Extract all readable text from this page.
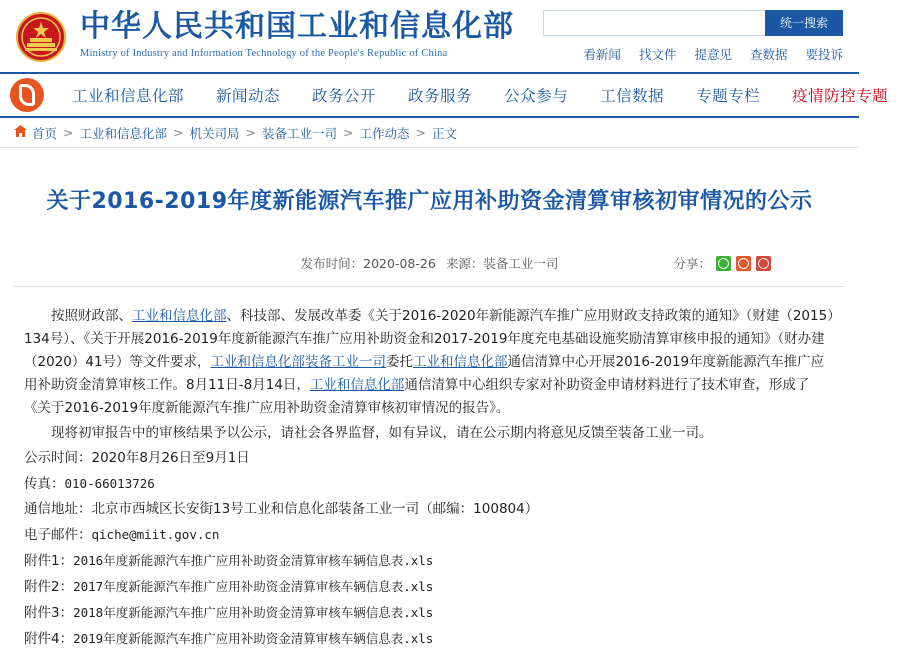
中华人民共和国工业和信息化部
Ministry of Industry and Information Technology of the People's Republic of China
统一搜索
看新闻 找文件 提意见 查数据 要投诉
工业和信息化部	新闻动态	政务公开	政务服务	公众参与	工信数据	专题专栏	疫情防控专题
首页 > 工业和信息化部 > 机关司局 > 装备工业一司 > 工作动态 > 正文
关于2016-2019年度新能源汽车推广应用补助资金清算审核初审情况的公示
发布时间： 2020-08-26 来源： 装备工业一司	分享：

按照财政部、工业和信息化部、科技部、发展改革委《关于2016-2020年新能源汽车推广应用财政支持政策的通知》（财建（2015）134号）、《关于开展2016-2019年度新能源汽车推广应用补助资金和2017-2019年度充电基础设施奖励清算审核申报的通知》（财办建（2020）41号）等文件要求，工业和信息化部装备工业一司委托工业和信息化部通信清算中心开展2016-2019年度新能源汽车推广应用补助资金清算审核工作。8月11日-8月14日，工业和信息化部通信清算中心组织专家对补助资金申请材料进行了技术审查，形成了《关于2016-2019年度新能源汽车推广应用补助资金清算审核初审情况的报告》。

现将初审报告中的审核结果予以公示，请社会各界监督，如有异议，请在公示期内将意见反馈至装备工业一司。

公示时间：2020年8月26日至9月1日

传真：010-66013726

通信地址：北京市西城区长安街13号工业和信息化部装备工业一司（邮编：100804）

电子邮件：qiche@miit.gov.cn

附件1：2016年度新能源汽车推广应用补助资金清算审核车辆信息表.xls

附件2：2017年度新能源汽车推广应用补助资金清算审核车辆信息表.xls

附件3：2018年度新能源汽车推广应用补助资金清算审核车辆信息表.xls

附件4：2019年度新能源汽车推广应用补助资金清算审核车辆信息表.xls
